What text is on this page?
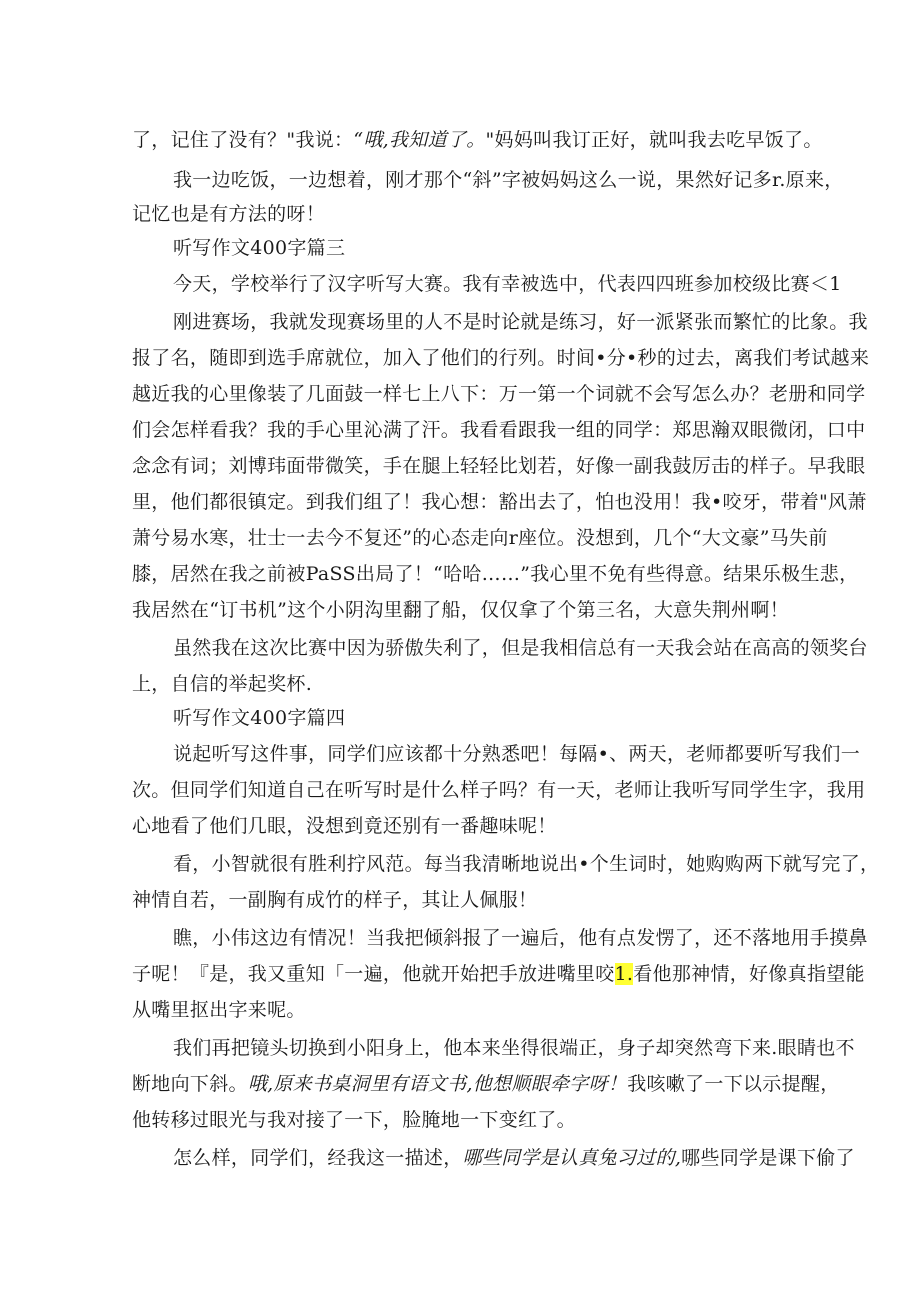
了，记住了没有？"我说：“哦,我知道了。"妈妈叫我订正好，就叫我去吃早饭了。
我一边吃饭，一边想着，刚才那个“斜”字被妈妈这么一说，果然好记多r.原来，
记忆也是有方法的呀！
听写作文400字篇三
今天，学校举行了汉字听写大赛。我有幸被选中，代表四四班参加校级比赛＜1
刚进赛场，我就发现赛场里的人不是时论就是练习，好一派紧张而繁忙的比象。我
报了名，随即到选手席就位，加入了他们的行列。时间•分•秒的过去，离我们考试越来
越近我的心里像装了几面鼓一样七上八下：万一第一个词就不会写怎么办？老册和同学
们会怎样看我？我的手心里沁满了汗。我看看跟我一组的同学：郑思瀚双眼微闭，口中
念念有词；刘博玮面带微笑，手在腿上轻轻比划若，好像一副我鼓厉击的样子。早我眼
里，他们都很镇定。到我们组了！我心想：豁出去了，怕也没用！我•咬牙，带着"风萧
萧兮易水寒，壮士一去今不复还”的心态走向r座位。没想到，几个“大文豪”马失前
膝，居然在我之前被PaSS出局了！“哈哈……”我心里不免有些得意。结果乐极生悲，
我居然在“订书机”这个小阴沟里翻了船，仅仅拿了个第三名，大意失荆州啊！
虽然我在这次比赛中因为骄傲失利了，但是我相信总有一天我会站在高高的领奖台
上，自信的举起奖杯.
听写作文400字篇四
说起听写这件事，同学们应该都十分熟悉吧！每隔•、两天，老师都要听写我们一
次。但同学们知道自己在听写时是什么样子吗？有一天，老师让我听写同学生字，我用
心地看了他们几眼，没想到竟还别有一番趣味呢！
看，小智就很有胜利拧风范。每当我清晰地说出•个生词时，她购购两下就写完了，
神情自若，一副胸有成竹的样子，其让人佩服！
瞧，小伟这边有情况！当我把倾斜报了一遍后，他有点发愣了，还不落地用手摸鼻
子呢！『是，我又重知「一遍，他就开始把手放进嘴里咬1.看他那神情，好像真指望能
从嘴里抠出字来呢。
我们再把镜头切换到小阳身上，他本来坐得很端正，身子却突然弯下来.眼睛也不
断地向下斜。哦,原来书桌洞里有语文书,他想顺眼牵字呀！我咳嗽了一下以示提醒，
他转移过眼光与我对接了一下，脸腌地一下变红了。
怎么样，同学们，经我这一描述，哪些同学是认真兔习过的,哪些同学是课下偷了
